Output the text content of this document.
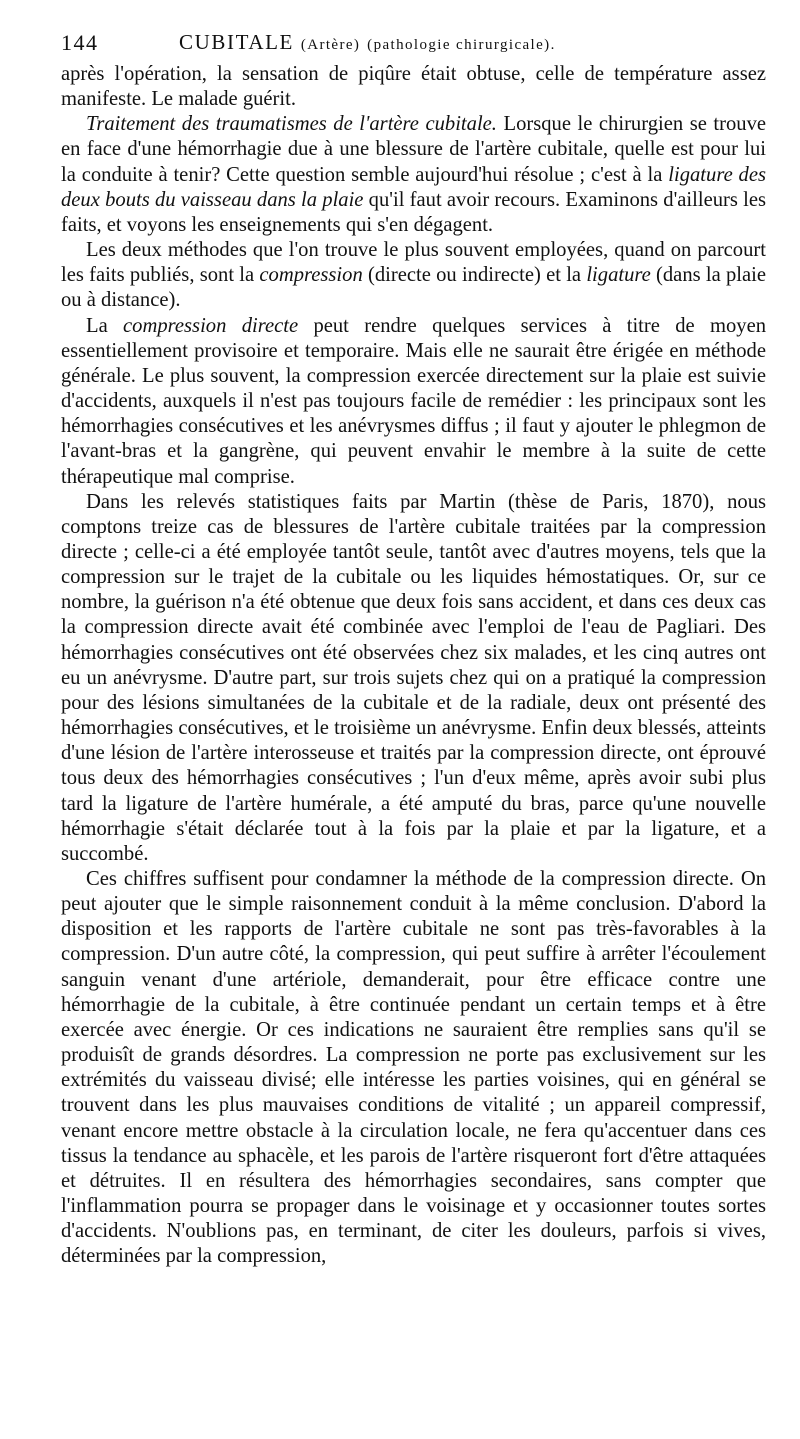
144	CUBITALE (Artère) (pathologie chirurgicale).

après l'opération, la sensation de piqûre était obtuse, celle de température assez manifeste. Le malade guérit.

Traitement des traumatismes de l'artère cubitale. Lorsque le chirurgien se trouve en face d'une hémorrhagie due à une blessure de l'artère cubitale, quelle est pour lui la conduite à tenir? Cette question semble aujourd'hui résolue ; c'est à la ligature des deux bouts du vaisseau dans la plaie qu'il faut avoir recours. Examinons d'ailleurs les faits, et voyons les enseignements qui s'en dégagent.

Les deux méthodes que l'on trouve le plus souvent employées, quand on parcourt les faits publiés, sont la compression (directe ou indirecte) et la ligature (dans la plaie ou à distance).

La compression directe peut rendre quelques services à titre de moyen essentiellement provisoire et temporaire. Mais elle ne saurait être érigée en méthode générale. Le plus souvent, la compression exercée directement sur la plaie est suivie d'accidents, auxquels il n'est pas toujours facile de remédier : les principaux sont les hémorrhagies consécutives et les anévrysmes diffus ; il faut y ajouter le phlegmon de l'avant-bras et la gangrène, qui peuvent envahir le membre à la suite de cette thérapeutique mal comprise.

Dans les relevés statistiques faits par Martin (thèse de Paris, 1870), nous comptons treize cas de blessures de l'artère cubitale traitées par la compression directe ; celle-ci a été employée tantôt seule, tantôt avec d'autres moyens, tels que la compression sur le trajet de la cubitale ou les liquides hémostatiques. Or, sur ce nombre, la guérison n'a été obtenue que deux fois sans accident, et dans ces deux cas la compression directe avait été combinée avec l'emploi de l'eau de Pagliari. Des hémorrhagies consécutives ont été observées chez six malades, et les cinq autres ont eu un anévrysme. D'autre part, sur trois sujets chez qui on a pratiqué la compression pour des lésions simultanées de la cubitale et de la radiale, deux ont présenté des hémorrhagies consécutives, et le troisième un anévrysme. Enfin deux blessés, atteints d'une lésion de l'artère interosseuse et traités par la compression directe, ont éprouvé tous deux des hémorrhagies consécutives ; l'un d'eux même, après avoir subi plus tard la ligature de l'artère humérale, a été amputé du bras, parce qu'une nouvelle hémorrhagie s'était déclarée tout à la fois par la plaie et par la ligature, et a succombé.

Ces chiffres suffisent pour condamner la méthode de la compression directe. On peut ajouter que le simple raisonnement conduit à la même conclusion. D'abord la disposition et les rapports de l'artère cubitale ne sont pas très-favorables à la compression. D'un autre côté, la compression, qui peut suffire à arrêter l'écoulement sanguin venant d'une artériole, demanderait, pour être efficace contre une hémorrhagie de la cubitale, à être continuée pendant un certain temps et à être exercée avec énergie. Or ces indications ne sauraient être remplies sans qu'il se produisît de grands désordres. La compression ne porte pas exclusivement sur les extrémités du vaisseau divisé; elle intéresse les parties voisines, qui en général se trouvent dans les plus mauvaises conditions de vitalité ; un appareil compressif, venant encore mettre obstacle à la circulation locale, ne fera qu'accentuer dans ces tissus la tendance au sphacèle, et les parois de l'artère risqueront fort d'être attaquées et détruites. Il en résultera des hémorrhagies secondaires, sans compter que l'inflammation pourra se propager dans le voisinage et y occasionner toutes sortes d'accidents. N'oublions pas, en terminant, de citer les douleurs, parfois si vives, déterminées par la compression,
